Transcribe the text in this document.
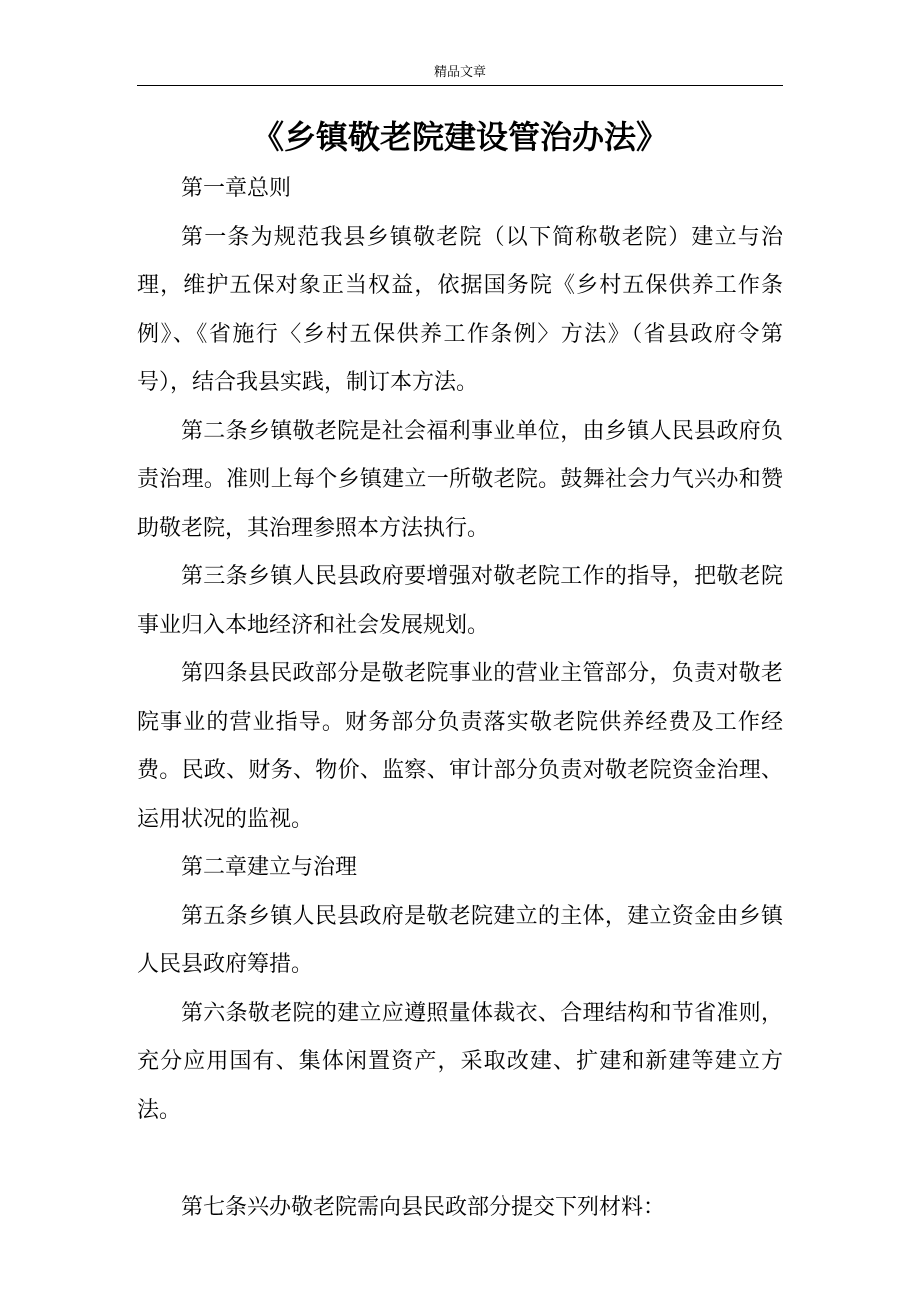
精品文章
《乡镇敬老院建设管治办法》

第一章总则

第一条为规范我县乡镇敬老院（以下简称敬老院）建立与治理，维护五保对象正当权益，依据国务院《乡村五保供养工作条例》、《省施行〈乡村五保供养工作条例〉方法》（省县政府令第号），结合我县实践，制订本方法。

第二条乡镇敬老院是社会福利事业单位，由乡镇人民县政府负责治理。准则上每个乡镇建立一所敬老院。鼓舞社会力气兴办和赞助敬老院，其治理参照本方法执行。

第三条乡镇人民县政府要增强对敬老院工作的指导，把敬老院事业归入本地经济和社会发展规划。

第四条县民政部分是敬老院事业的营业主管部分，负责对敬老院事业的营业指导。财务部分负责落实敬老院供养经费及工作经费。民政、财务、物价、监察、审计部分负责对敬老院资金治理、运用状况的监视。

第二章建立与治理

第五条乡镇人民县政府是敬老院建立的主体，建立资金由乡镇人民县政府筹措。

第六条敬老院的建立应遵照量体裁衣、合理结构和节省准则，充分应用国有、集体闲置资产，采取改建、扩建和新建等建立方法。

第七条兴办敬老院需向县民政部分提交下列材料：
